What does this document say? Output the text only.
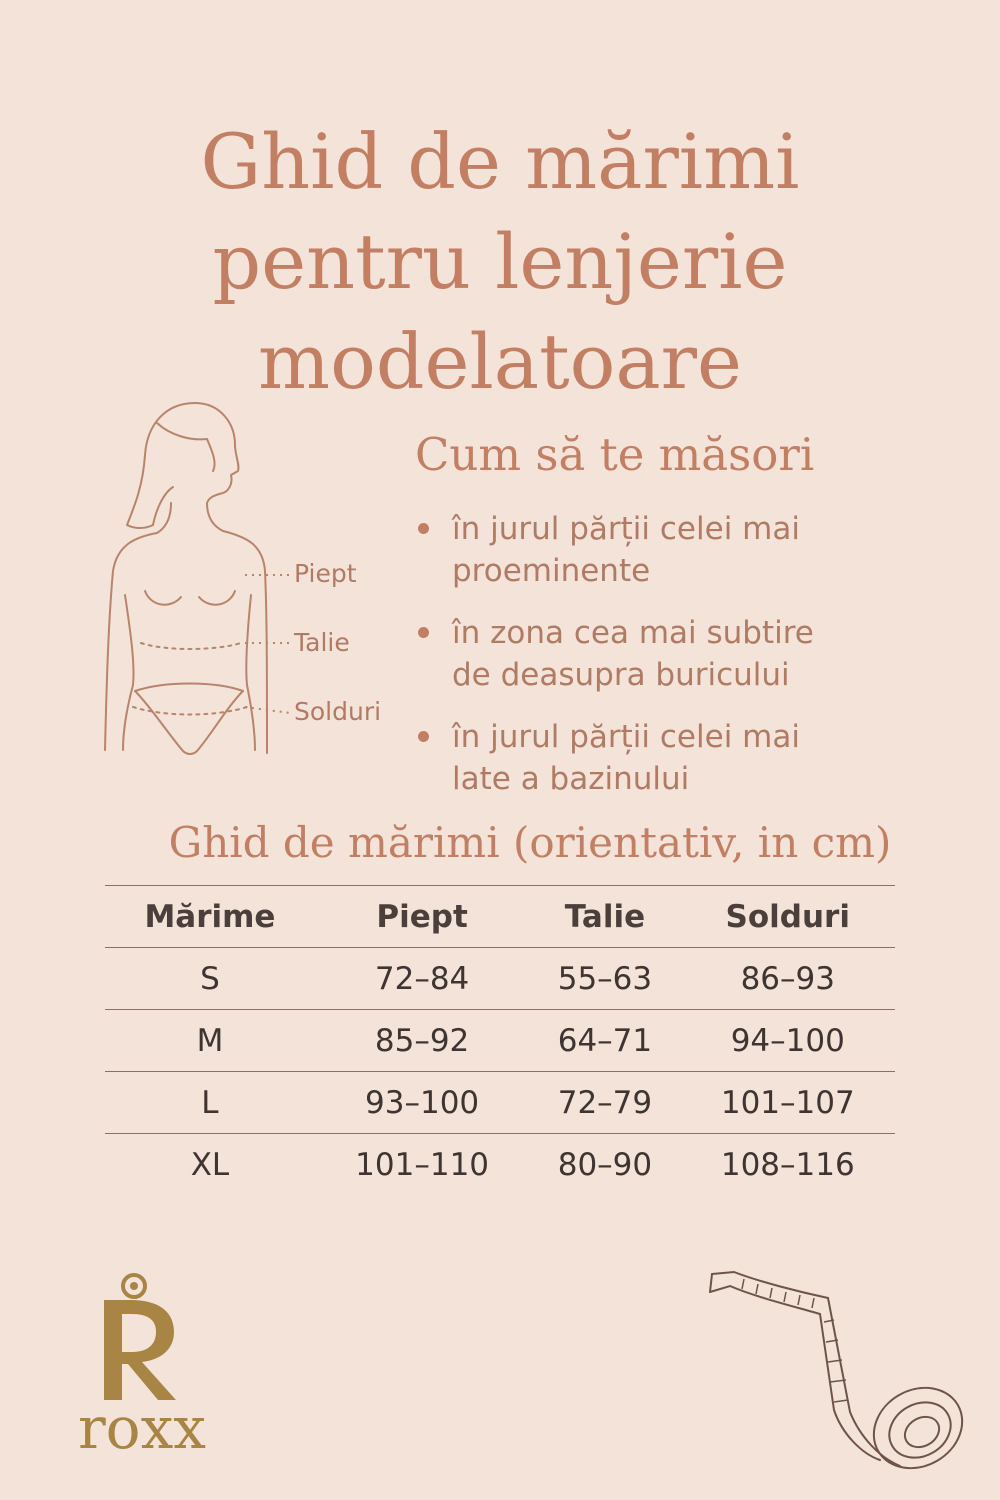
Ghid de mărimi
pentru lenjerie
modelatoare
Piept
Talie
Solduri
Cum să te măsori
în jurul părții celei mai
proeminente
în zona cea mai subtire
de deasupra buricului
în jurul părții celei mai
late a bazinului
Ghid de mărimi (orientativ, in cm)
Mărime	Piept	Talie	Solduri
S	72–84	55–63	86–93
M	85–92	64–71	94–100
L	93–100	72–79	101–107
XL	101–110	80–90	108–116
R
roxx
